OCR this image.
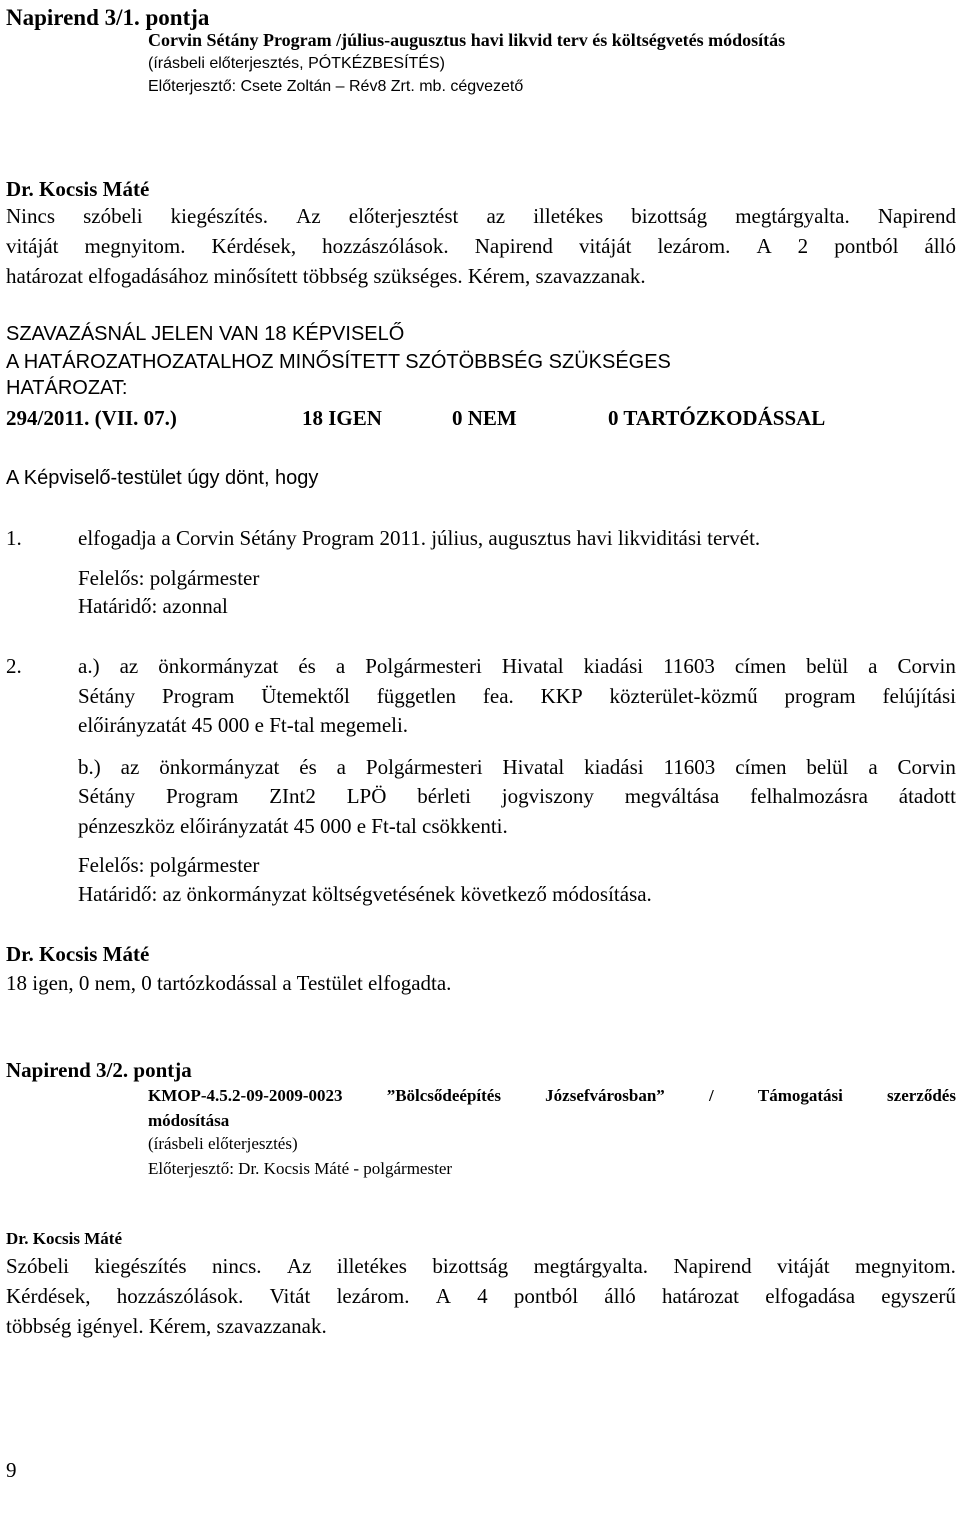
Napirend 3/1. pontja
Corvin Sétány Program /július-augusztus havi likvid terv és költségvetés módosítás
(írásbeli előterjesztés, PÓTKÉZBESÍTÉS)
Előterjesztő: Csete Zoltán – Rév8 Zrt. mb. cégvezető
Dr. Kocsis Máté
Nincs szóbeli kiegészítés. Az előterjesztést az illetékes bizottság megtárgyalta. Napirend
vitáját megnyitom. Kérdések, hozzászólások. Napirend vitáját lezárom. A 2 pontból álló
határozat elfogadásához minősített többség szükséges. Kérem, szavazzanak.
SZAVAZÁSNÁL JELEN VAN 18 KÉPVISELŐ
A HATÁROZATHOZATALHOZ MINŐSÍTETT SZÓTÖBBSÉG SZÜKSÉGES
HATÁROZAT:
294/2011. (VII. 07.)	18 IGEN	0 NEM	0 TARTÓZKODÁSSAL
A Képviselő-testület úgy dönt, hogy
1.	elfogadja a Corvin Sétány Program 2011. július, augusztus havi likviditási tervét.
Felelős: polgármester
Határidő: azonnal
2.	a.) az önkormányzat és a Polgármesteri Hivatal kiadási 11603 címen belül a Corvin
Sétány Program Ütemektől független fea. KKP közterület-közmű program felújítási
előirányzatát 45 000 e Ft-tal megemeli.
b.) az önkormányzat és a Polgármesteri Hivatal kiadási 11603 címen belül a Corvin
Sétány Program ZInt2 LPÖ bérleti jogviszony megváltása felhalmozásra átadott
pénzeszköz előirányzatát 45 000 e Ft-tal csökkenti.
Felelős: polgármester
Határidő: az önkormányzat költségvetésének következő módosítása.
Dr. Kocsis Máté
18 igen, 0 nem, 0 tartózkodással a Testület elfogadta.
Napirend 3/2. pontja
KMOP-4.5.2-09-2009-0023	”Bölcsődeépítés	Józsefvárosban”	/	Támogatási	szerződés
módosítása
(írásbeli előterjesztés)
Előterjesztő: Dr. Kocsis Máté - polgármester
Dr. Kocsis Máté
Szóbeli kiegészítés nincs. Az illetékes bizottság megtárgyalta. Napirend vitáját megnyitom.
Kérdések, hozzászólások. Vitát lezárom. A 4 pontból álló határozat elfogadása egyszerű
többség igényel. Kérem, szavazzanak.
9
